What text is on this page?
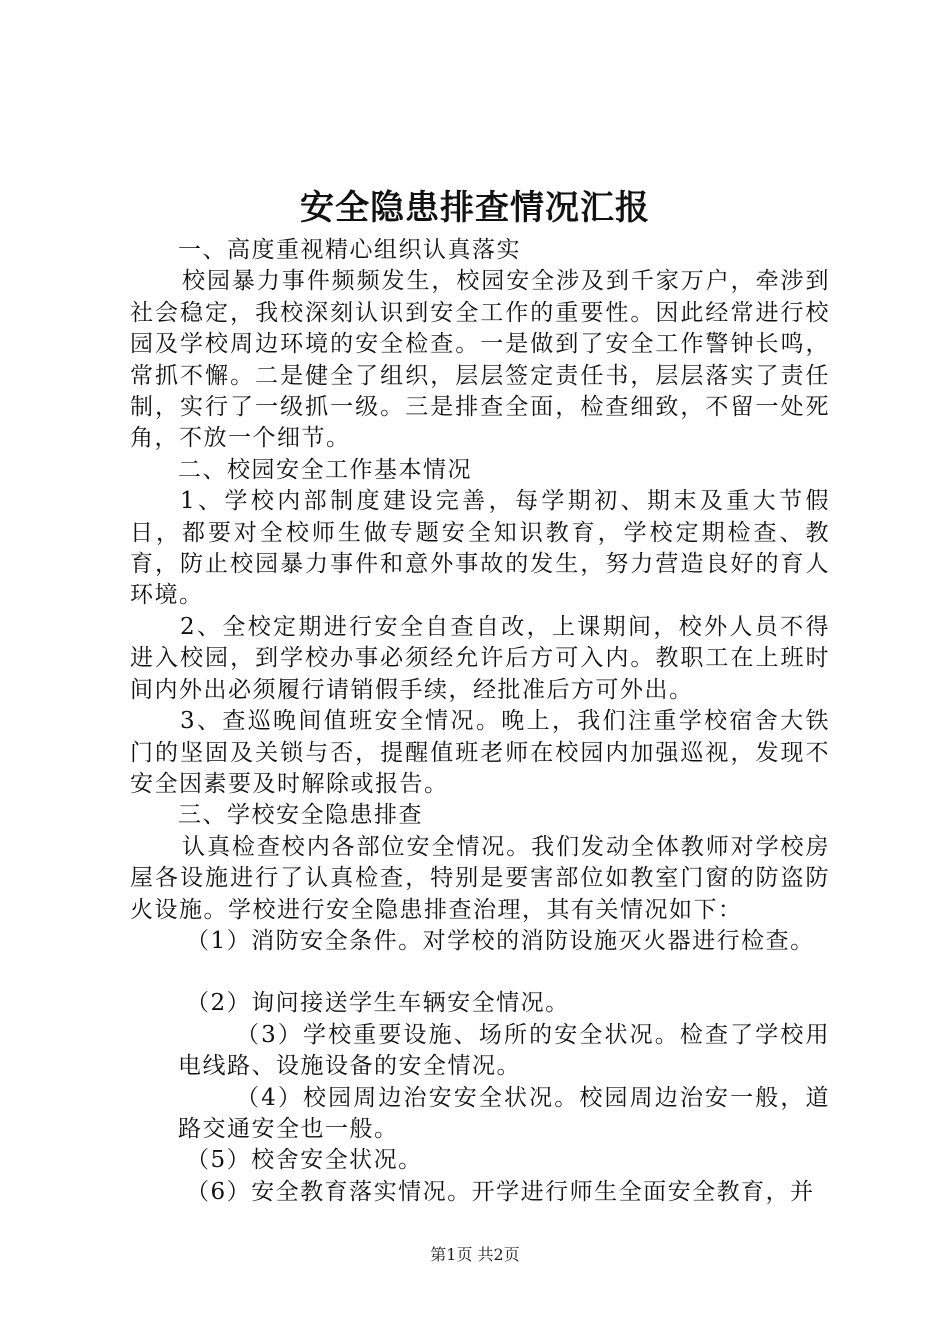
安全隐患排查情况汇报

一、高度重视精心组织认真落实

校园暴力事件频频发生，校园安全涉及到千家万户，牵涉到社会稳定，我校深刻认识到安全工作的重要性。因此经常进行校园及学校周边环境的安全检查。一是做到了安全工作警钟长鸣，常抓不懈。二是健全了组织，层层签定责任书，层层落实了责任制，实行了一级抓一级。三是排查全面，检查细致，不留一处死角，不放一个细节。

二、校园安全工作基本情况

1、学校内部制度建设完善，每学期初、期末及重大节假日，都要对全校师生做专题安全知识教育，学校定期检查、教育，防止校园暴力事件和意外事故的发生，努力营造良好的育人环境。

2、全校定期进行安全自查自改，上课期间，校外人员不得进入校园，到学校办事必须经允许后方可入内。教职工在上班时间内外出必须履行请销假手续，经批准后方可外出。

3、查巡晚间值班安全情况。晚上，我们注重学校宿舍大铁门的坚固及关锁与否，提醒值班老师在校园内加强巡视，发现不安全因素要及时解除或报告。

三、学校安全隐患排查

认真检查校内各部位安全情况。我们发动全体教师对学校房屋各设施进行了认真检查，特别是要害部位如教室门窗的防盗防火设施。学校进行安全隐患排查治理，其有关情况如下：

（1）消防安全条件。对学校的消防设施灭火器进行检查。

（2）询问接送学生车辆安全情况。

（3）学校重要设施、场所的安全状况。检查了学校用电线路、设施设备的安全情况。

（4）校园周边治安安全状况。校园周边治安一般，道路交通安全也一般。

（5）校舍安全状况。

（6）安全教育落实情况。开学进行师生全面安全教育，并

第1页 共2页
